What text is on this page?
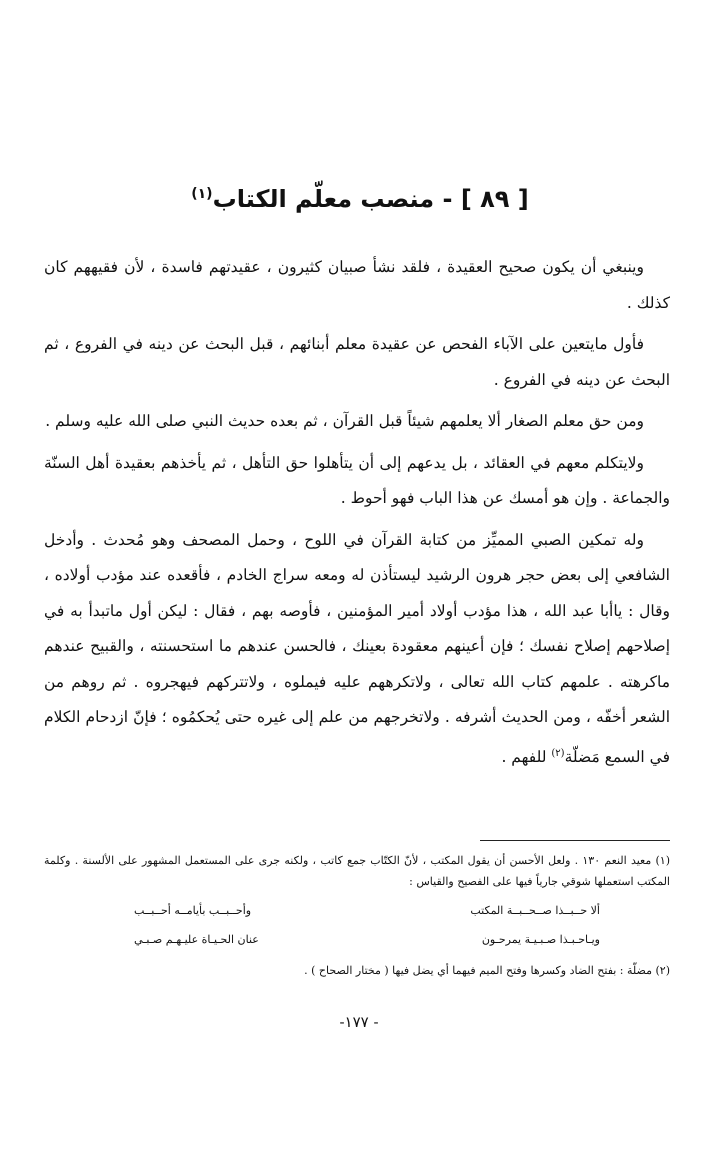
[ ٨٩ ] - منصب معلّم الكتاب$^{(١)}$

وينبغي أن يكون صحيح العقيدة ، فلقد نشأ صبيان كثيرون ، عقيدتهم فاسدة ، لأن فقيههم كان كذلك .

فأول مايتعين على الآباء الفحص عن عقيدة معلم أبنائهم ، قبل البحث عن دينه في الفروع ، ثم البحث عن دينه في الفروع .

ومن حق معلم الصغار ألا يعلمهم شيئاً قبل القرآن ، ثم بعده حديث النبي صلى الله عليه وسلم .

ولايتكلم معهم في العقائد ، بل يدعهم إلى أن يتأهلوا حق التأهل ، ثم يأخذهم بعقيدة أهل السنّة والجماعة . وإن هو أمسك عن هذا الباب فهو أحوط .

وله تمكين الصبي المميِّز من كتابة القرآن في اللوح ، وحمل المصحف وهو مُحدث . وأدخل الشافعي إلى بعض حجر هرون الرشيد ليستأذن له ومعه سراج الخادم ، فأقعده عند مؤدب أولاده ، وقال : ياأبا عبد الله ، هذا مؤدب أولاد أمير المؤمنين ، فأوصه بهم ، فقال : ليكن أول ماتبدأ به في إصلاحهم إصلاح نفسك ؛ فإن أعينهم معقودة بعينك ، فالحسن عندهم ما استحسنته ، والقبيح عندهم ماكرهته . علمهم كتاب الله تعالى ، ولاتكرههم عليه فيملوه ، ولاتتركهم فيهجروه . ثم روهم من الشعر أخفّه ، ومن الحديث أشرفه . ولاتخرجهم من علم إلى غيره حتى يُحكمُوه ؛ فإنّ ازدحام الكلام في السمع مَضلّة$^{(٢)}$ للفهم .

(١) معيد النعم ١٣٠ . ولعل الأحسن أن يقول المكتب ، لأنّ الكتّاب جمع كاتب ، ولكنه جرى على المستعمل المشهور على الألسنة . وكلمة المكتب استعملها شوقي جارياً فيها على الفصيح والقياس :

ألا حــبــذا صــحــبــة المكتب
وأحــبــب بأيامــه أحــبــب
ويـاحـبـذا صـبـيـة يمرحـون
عنان الحـيـاة عليـهـم صـبـي

(٢) مضلّة : بفتح الضاد وكسرها وفتح الميم فيهما أي يضل فيها ( مختار الصحاح ) .

- ١٧٧-
